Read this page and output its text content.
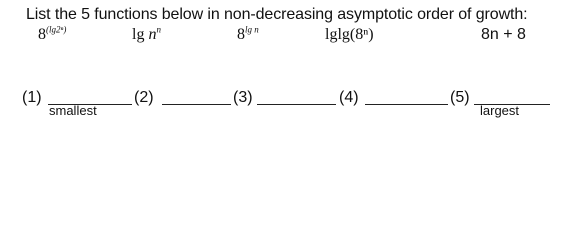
List the 5 functions below in non-decreasing asymptotic order of growth:
$8^{(lg2^n)}$	$\lg n^n$	$8^{lg n}$	lglg(8ⁿ)	8n + 8
(1)	(2)	(3)	(4)	(5)
smallest	largest
